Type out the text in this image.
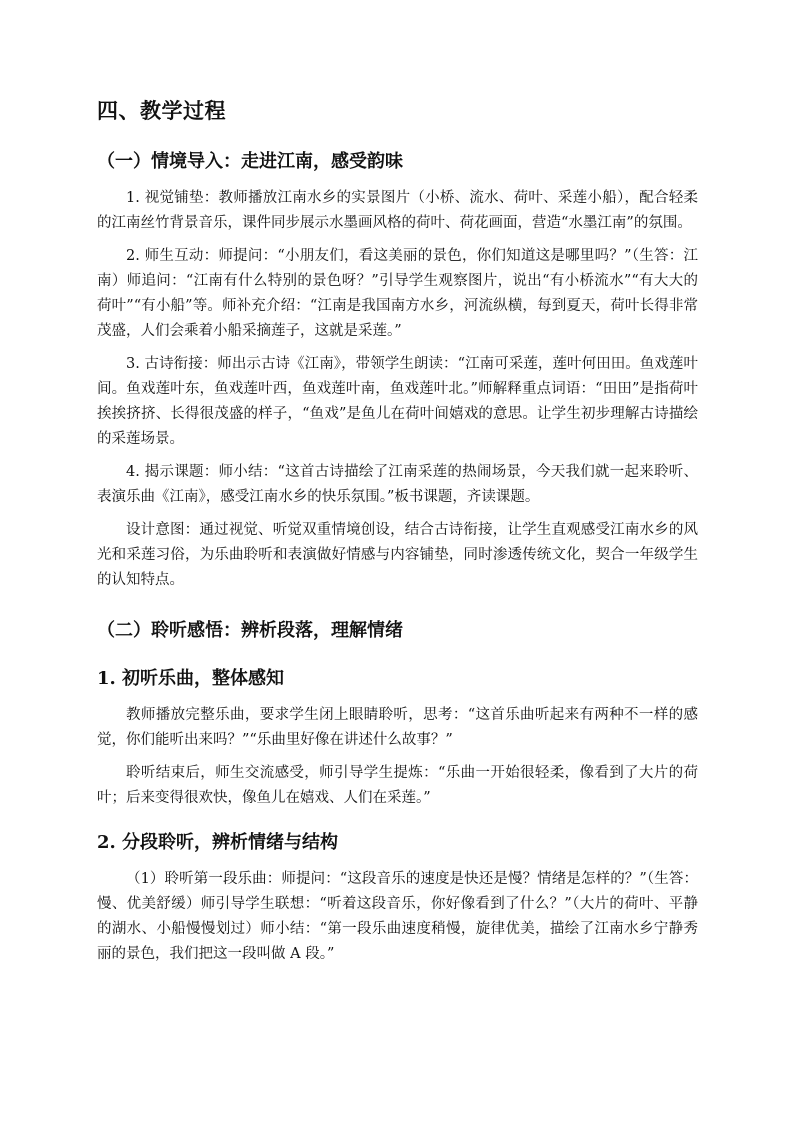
四、教学过程
（一）情境导入：走进江南，感受韵味

1. 视觉铺垫：教师播放江南水乡的实景图片（小桥、流水、荷叶、采莲小船），配合轻柔的江南丝竹背景音乐，课件同步展示水墨画风格的荷叶、荷花画面，营造“水墨江南”的氛围。

2. 师生互动：师提问：“小朋友们，看这美丽的景色，你们知道这是哪里吗？”（生答：江南）师追问：“江南有什么特别的景色呀？”引导学生观察图片，说出“有小桥流水”“有大大的荷叶”“有小船”等。师补充介绍：“江南是我国南方水乡，河流纵横，每到夏天，荷叶长得非常茂盛，人们会乘着小船采摘莲子，这就是采莲。”

3. 古诗衔接：师出示古诗《江南》，带领学生朗读：“江南可采莲，莲叶何田田。鱼戏莲叶间。鱼戏莲叶东，鱼戏莲叶西，鱼戏莲叶南，鱼戏莲叶北。”师解释重点词语：“田田”是指荷叶挨挨挤挤、长得很茂盛的样子，“鱼戏”是鱼儿在荷叶间嬉戏的意思。让学生初步理解古诗描绘的采莲场景。

4. 揭示课题：师小结：“这首古诗描绘了江南采莲的热闹场景，今天我们就一起来聆听、表演乐曲《江南》，感受江南水乡的快乐氛围。”板书课题，齐读课题。

设计意图：通过视觉、听觉双重情境创设，结合古诗衔接，让学生直观感受江南水乡的风光和采莲习俗，为乐曲聆听和表演做好情感与内容铺垫，同时渗透传统文化，契合一年级学生的认知特点。

（二）聆听感悟：辨析段落，理解情绪
1. 初听乐曲，整体感知

教师播放完整乐曲，要求学生闭上眼睛聆听，思考：“这首乐曲听起来有两种不一样的感觉，你们能听出来吗？”“乐曲里好像在讲述什么故事？”

聆听结束后，师生交流感受，师引导学生提炼：“乐曲一开始很轻柔，像看到了大片的荷叶；后来变得很欢快，像鱼儿在嬉戏、人们在采莲。”

2. 分段聆听，辨析情绪与结构

（1）聆听第一段乐曲：师提问：“这段音乐的速度是快还是慢？情绪是怎样的？”（生答：慢、优美舒缓）师引导学生联想：“听着这段音乐，你好像看到了什么？”（大片的荷叶、平静的湖水、小船慢慢划过）师小结：“第一段乐曲速度稍慢，旋律优美，描绘了江南水乡宁静秀丽的景色，我们把这一段叫做 A 段。”
